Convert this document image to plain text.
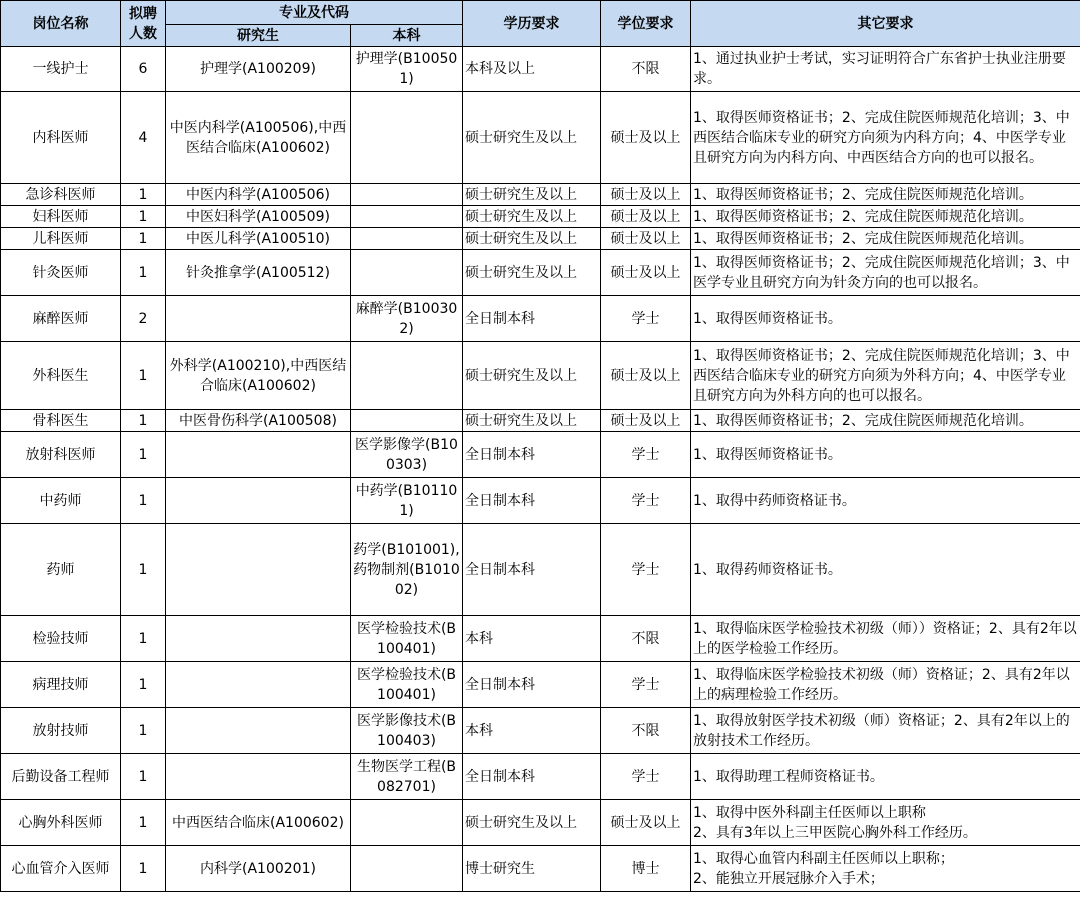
岗位名称	拟聘人数	专业及代码		学历要求	学位要求	其它要求
		研究生	本科			
一线护士	6	护理学(A100209)	护理学(B100501)	本科及以上	不限	1、通过执业护士考试，实习证明符合广东省护士执业注册要求。
内科医师	4	中医内科学(A100506),中西医结合临床(A100602)		硕士研究生及以上	硕士及以上	1、取得医师资格证书；2、完成住院医师规范化培训；3、中西医结合临床专业的研究方向须为内科方向；4、中医学专业且研究方向为内科方向、中西医结合方向的也可以报名。
急诊科医师	1	中医内科学(A100506)		硕士研究生及以上	硕士及以上	1、取得医师资格证书；2、完成住院医师规范化培训。
妇科医师	1	中医妇科学(A100509)		硕士研究生及以上	硕士及以上	1、取得医师资格证书；2、完成住院医师规范化培训。
儿科医师	1	中医儿科学(A100510)		硕士研究生及以上	硕士及以上	1、取得医师资格证书；2、完成住院医师规范化培训。
针灸医师	1	针灸推拿学(A100512)		硕士研究生及以上	硕士及以上	1、取得医师资格证书；2、完成住院医师规范化培训；3、中医学专业且研究方向为针灸方向的也可以报名。
麻醉医师	2		麻醉学(B100302)	全日制本科	学士	1、取得医师资格证书。
外科医生	1	外科学(A100210),中西医结合临床(A100602)		硕士研究生及以上	硕士及以上	1、取得医师资格证书；2、完成住院医师规范化培训；3、中西医结合临床专业的研究方向须为外科方向；4、中医学专业且研究方向为外科方向的也可以报名。
骨科医生	1	中医骨伤科学(A100508)		硕士研究生及以上	硕士及以上	1、取得医师资格证书；2、完成住院医师规范化培训。
放射科医师	1		医学影像学(B100303)	全日制本科	学士	1、取得医师资格证书。
中药师	1		中药学(B101101)	全日制本科	学士	1、取得中药师资格证书。
药师	1		药学(B101001),药物制剂(B101002)	全日制本科	学士	1、取得药师资格证书。
检验技师	1		医学检验技术(B100401)	本科	不限	1、取得临床医学检验技术初级（师））资格证；2、具有2年以上的医学检验工作经历。
病理技师	1		医学检验技术(B100401)	全日制本科	学士	1、取得临床医学检验技术初级（师）资格证；2、具有2年以上的病理检验工作经历。
放射技师	1		医学影像技术(B100403)	本科	不限	1、取得放射医学技术初级（师）资格证；2、具有2年以上的放射技术工作经历。
后勤设备工程师	1		生物医学工程(B082701)	全日制本科	学士	1、取得助理工程师资格证书。
心胸外科医师	1	中西医结合临床(A100602)		硕士研究生及以上	硕士及以上	1、取得中医外科副主任医师以上职称
2、具有3年以上三甲医院心胸外科工作经历。
心血管介入医师	1	内科学(A100201)		博士研究生	博士	1、取得心血管内科副主任医师以上职称；
2、能独立开展冠脉介入手术；
